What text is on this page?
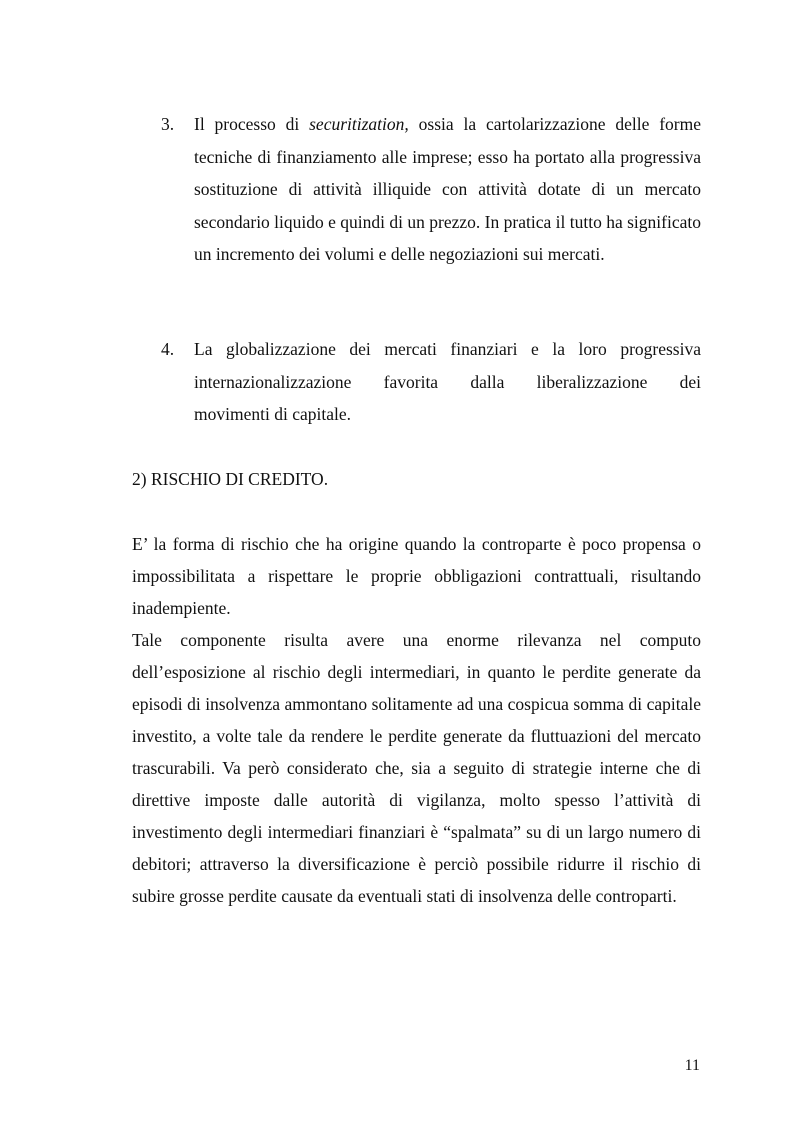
3.	Il processo di securitization, ossia la cartolarizzazione delle forme tecniche di finanziamento alle imprese; esso ha portato alla progressiva sostituzione di attività illiquide con attività dotate di un mercato secondario liquido e quindi di un prezzo. In pratica il tutto ha significato un incremento dei volumi e delle negoziazioni sui mercati.
4.	La globalizzazione dei mercati finanziari e la loro progressiva
internazionalizzazione favorita dalla liberalizzazione dei
movimenti di capitale.
2) RISCHIO DI CREDITO.

E’ la forma di rischio che ha origine quando la controparte è poco propensa o impossibilitata a rispettare le proprie obbligazioni contrattuali, risultando inadempiente.

Tale componente risulta avere una enorme rilevanza nel computo dell’esposizione al rischio degli intermediari, in quanto le perdite generate da episodi di insolvenza ammontano solitamente ad una cospicua somma di capitale investito, a volte tale da rendere le perdite generate da fluttuazioni del mercato trascurabili. Va però considerato che, sia a seguito di strategie interne che di direttive imposte dalle autorità di vigilanza, molto spesso l’attività di investimento degli intermediari finanziari è “spalmata” su di un largo numero di debitori; attraverso la diversificazione è perciò possibile ridurre il rischio di subire grosse perdite causate da eventuali stati di insolvenza delle controparti.

11
